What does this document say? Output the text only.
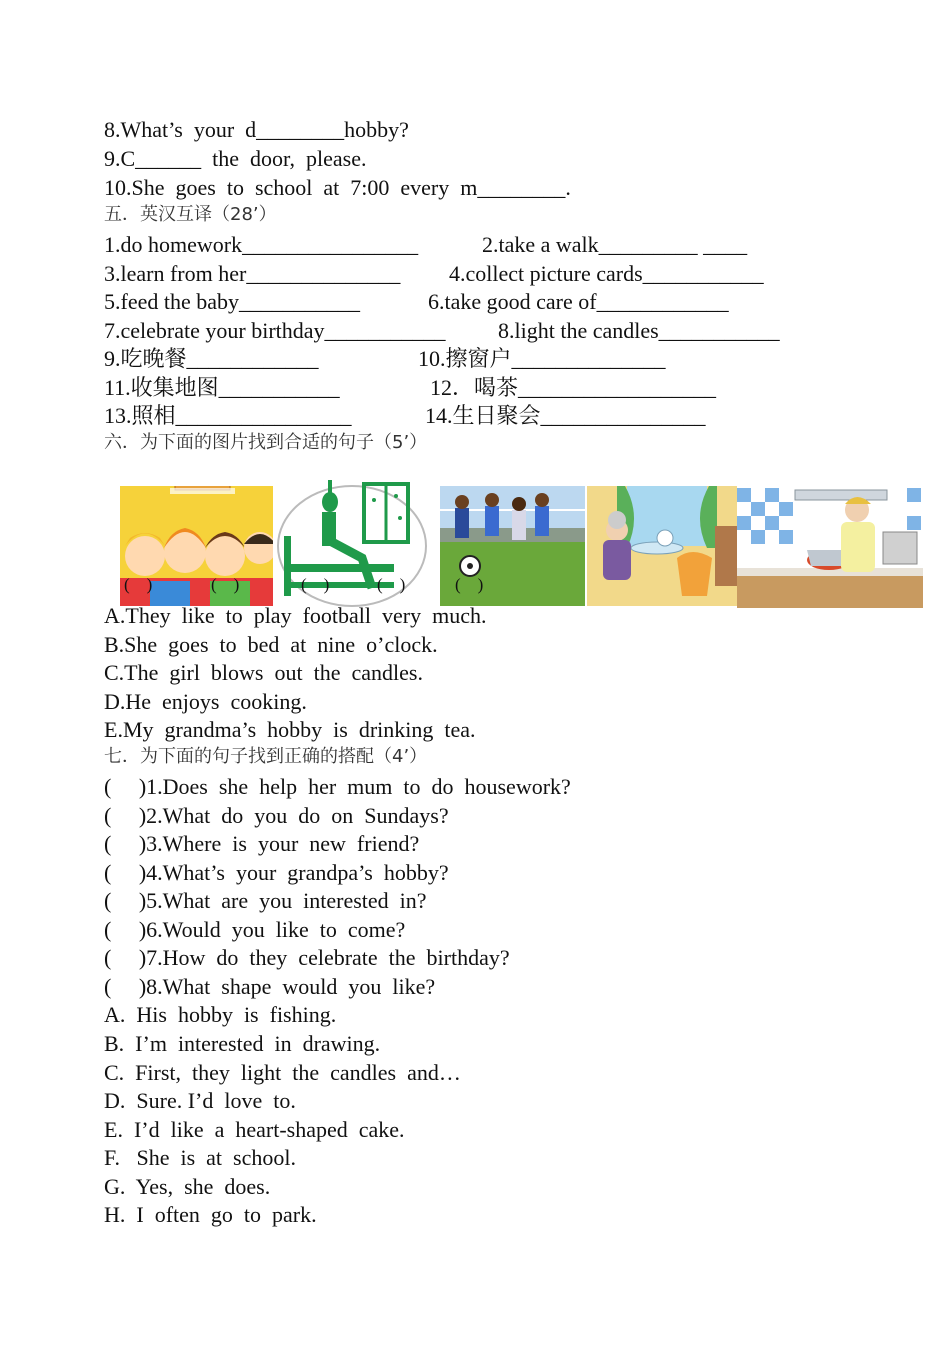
8.What’s  your  d________hobby?
9.C______  the  door,  please.
10.She  goes  to  school  at  7:00  every  m________.
五．英汉互译（28’）
1.do homework________________	2.take a walk_________ ____
3.learn from her______________ 4.collect picture cards___________
5.feed the baby___________	6.take good care of____________
7.celebrate your birthday___________ 8.light the candles___________
9.吃晚餐____________	10.擦窗户______________
11.收集地图___________	12．喝茶__________________
13.照相________________	14.生日聚会_______________
六．为下面的图片找到合适的句子（5’）
(    )	(    )	(    )	(    )	(    )
A.They  like  to  play  football  very  much.
B.She  goes  to  bed  at  nine  o’clock.
C.The  girl  blows  out  the  candles.
D.He  enjoys  cooking.
E.My  grandma’s  hobby  is  drinking  tea.
七．为下面的句子找到正确的搭配（4’）
(     )1.Does  she  help  her  mum  to  do  housework?
(     )2.What  do  you  do  on  Sundays?
(     )3.Where  is  your  new  friend?
(     )4.What’s  your  grandpa’s  hobby?
(     )5.What  are  you  interested  in?
(     )6.Would  you  like  to  come?
(     )7.How  do  they  celebrate  the  birthday?
(     )8.What  shape  would  you  like?
A.  His  hobby  is  fishing.
B.  I’m  interested  in  drawing.
C.  First,  they  light  the  candles  and…
D.  Sure. I’d  love  to.
E.  I’d  like  a  heart-shaped  cake.
F.   She  is  at  school.
G.  Yes,  she  does.
H.  I  often  go  to  park.
